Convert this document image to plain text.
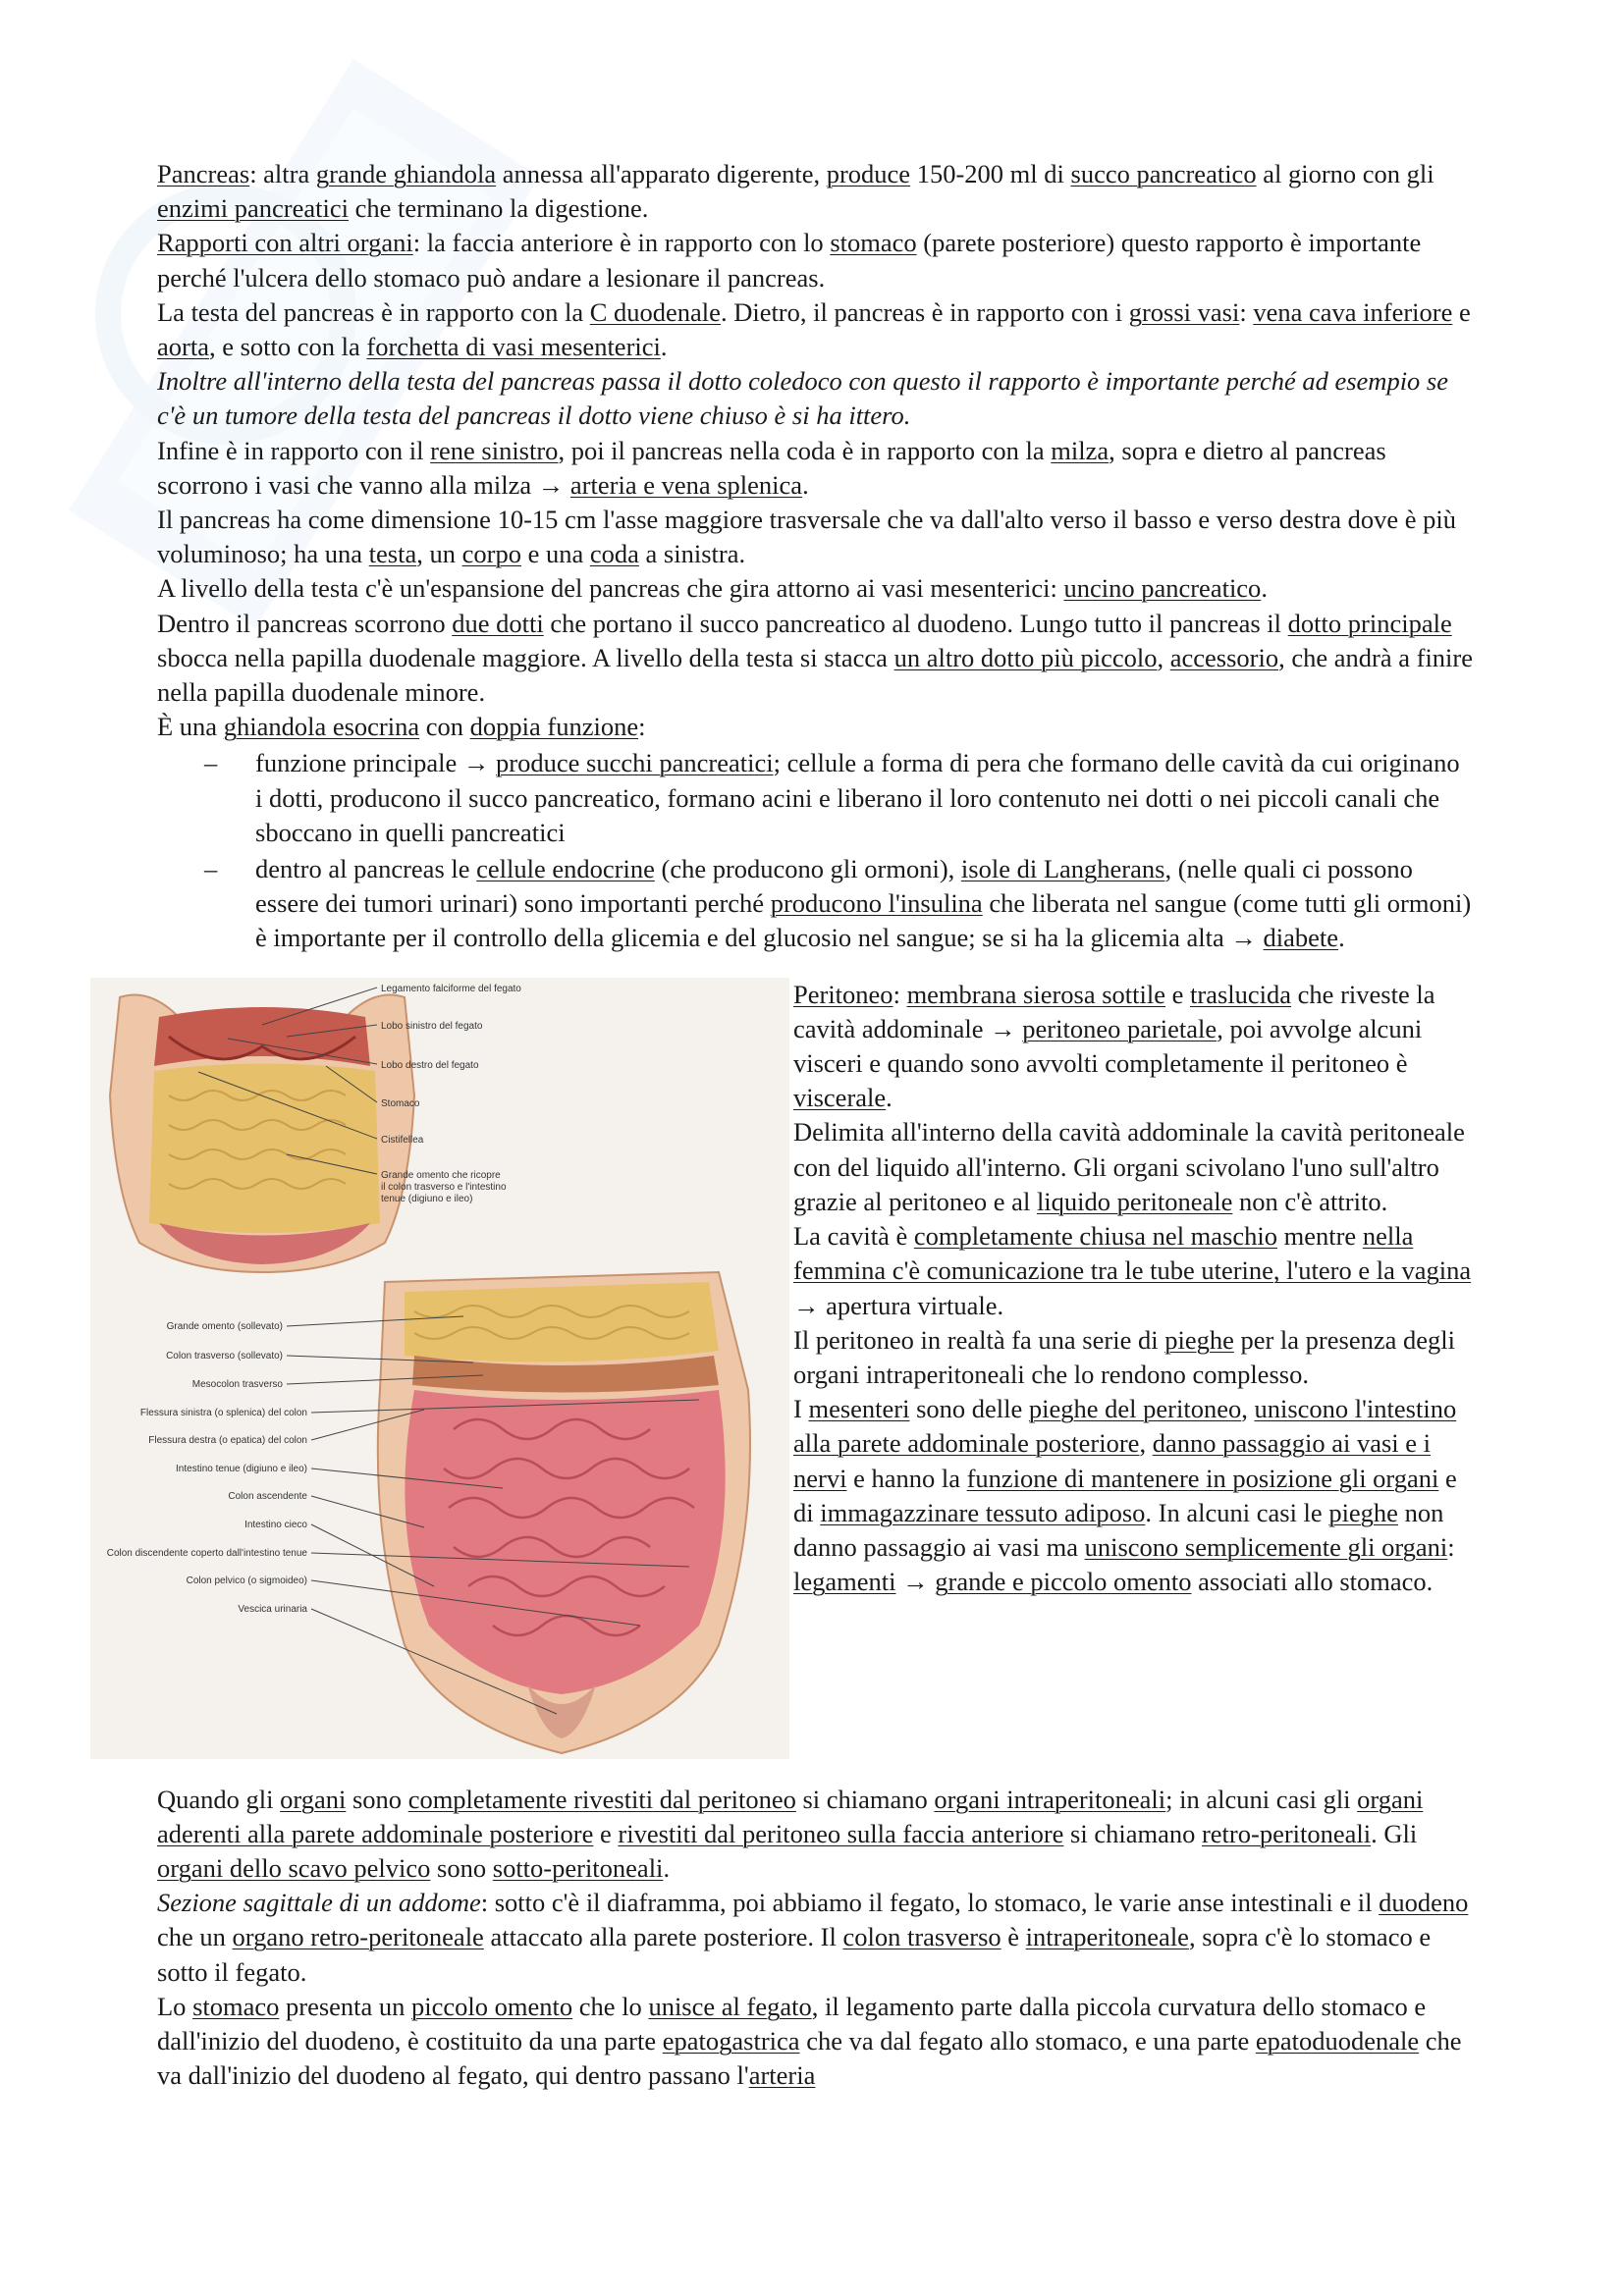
Pancreas: altra grande ghiandola annessa all'apparato digerente, produce 150-200 ml di succo pancreatico al giorno con gli enzimi pancreatici che terminano la digestione.

Rapporti con altri organi: la faccia anteriore è in rapporto con lo stomaco (parete posteriore) questo rapporto è importante perché l'ulcera dello stomaco può andare a lesionare il pancreas.

La testa del pancreas è in rapporto con la C duodenale. Dietro, il pancreas è in rapporto con i grossi vasi: vena cava inferiore e aorta, e sotto con la forchetta di vasi mesenterici.

Inoltre all'interno della testa del pancreas passa il dotto coledoco con questo il rapporto è importante perché ad esempio se c'è un tumore della testa del pancreas il dotto viene chiuso è si ha ittero.

Infine è in rapporto con il rene sinistro, poi il pancreas nella coda è in rapporto con la milza, sopra e dietro al pancreas scorrono i vasi che vanno alla milza → arteria e vena splenica.

Il pancreas ha come dimensione 10-15 cm l'asse maggiore trasversale che va dall'alto verso il basso e verso destra dove è più voluminoso; ha una testa, un corpo e una coda a sinistra.

A livello della testa c'è un'espansione del pancreas che gira attorno ai vasi mesenterici: uncino pancreatico.

Dentro il pancreas scorrono due dotti che portano il succo pancreatico al duodeno. Lungo tutto il pancreas il dotto principale sbocca nella papilla duodenale maggiore. A livello della testa si stacca un altro dotto più piccolo, accessorio, che andrà a finire nella papilla duodenale minore.

È una ghiandola esocrina con doppia funzione:

– funzione principale → produce succhi pancreatici; cellule a forma di pera che formano delle cavità da cui originano i dotti, producono il succo pancreatico, formano acini e liberano il loro contenuto nei dotti o nei piccoli canali che sboccano in quelli pancreatici
– dentro al pancreas le cellule endocrine (che producono gli ormoni), isole di Langherans, (nelle quali ci possono essere dei tumori urinari) sono importanti perché producono l'insulina che liberata nel sangue (come tutti gli ormoni) è importante per il controllo della glicemia e del glucosio nel sangue; se si ha la glicemia alta → diabete.
Legamento falciforme del fegato
Lobo sinistro del fegato
Lobo destro del fegato
Stomaco
Cistifellea
Grande omento che ricopre
il colon trasverso e l'intestino
tenue (digiuno e ileo)
Grande omento (sollevato)
Colon trasverso (sollevato)
Mesocolon trasverso
Flessura sinistra (o splenica) del colon
Flessura destra (o epatica) del colon
Intestino tenue (digiuno e ileo)
Colon ascendente
Intestino cieco
Colon discendente coperto dall'intestino tenue
Colon pelvico (o sigmoideo)
Vescica urinaria

Peritoneo: membrana sierosa sottile e traslucida che riveste la cavità addominale → peritoneo parietale, poi avvolge alcuni visceri e quando sono avvolti completamente il peritoneo è viscerale.

Delimita all'interno della cavità addominale la cavità peritoneale con del liquido all'interno. Gli organi scivolano l'uno sull'altro grazie al peritoneo e al liquido peritoneale non c'è attrito.

La cavità è completamente chiusa nel maschio mentre nella femmina c'è comunicazione tra le tube uterine, l'utero e la vagina → apertura virtuale.

Il peritoneo in realtà fa una serie di pieghe per la presenza degli organi intraperitoneali che lo rendono complesso.

I mesenteri sono delle pieghe del peritoneo, uniscono l'intestino alla parete addominale posteriore, danno passaggio ai vasi e i nervi e hanno la funzione di mantenere in posizione gli organi e di immagazzinare tessuto adiposo. In alcuni casi le pieghe non danno passaggio ai vasi ma uniscono semplicemente gli organi: legamenti → grande e piccolo omento associati allo stomaco.

Quando gli organi sono completamente rivestiti dal peritoneo si chiamano organi intraperitoneali; in alcuni casi gli organi aderenti alla parete addominale posteriore e rivestiti dal peritoneo sulla faccia anteriore si chiamano retro-peritoneali. Gli organi dello scavo pelvico sono sotto-peritoneali.

Sezione sagittale di un addome: sotto c'è il diaframma, poi abbiamo il fegato, lo stomaco, le varie anse intestinali e il duodeno che un organo retro-peritoneale attaccato alla parete posteriore. Il colon trasverso è intraperitoneale, sopra c'è lo stomaco e sotto il fegato.

Lo stomaco presenta un piccolo omento che lo unisce al fegato, il legamento parte dalla piccola curvatura dello stomaco e dall'inizio del duodeno, è costituito da una parte epatogastrica che va dal fegato allo stomaco, e una parte epatoduodenale che va dall'inizio del duodeno al fegato, qui dentro passano l'arteria
